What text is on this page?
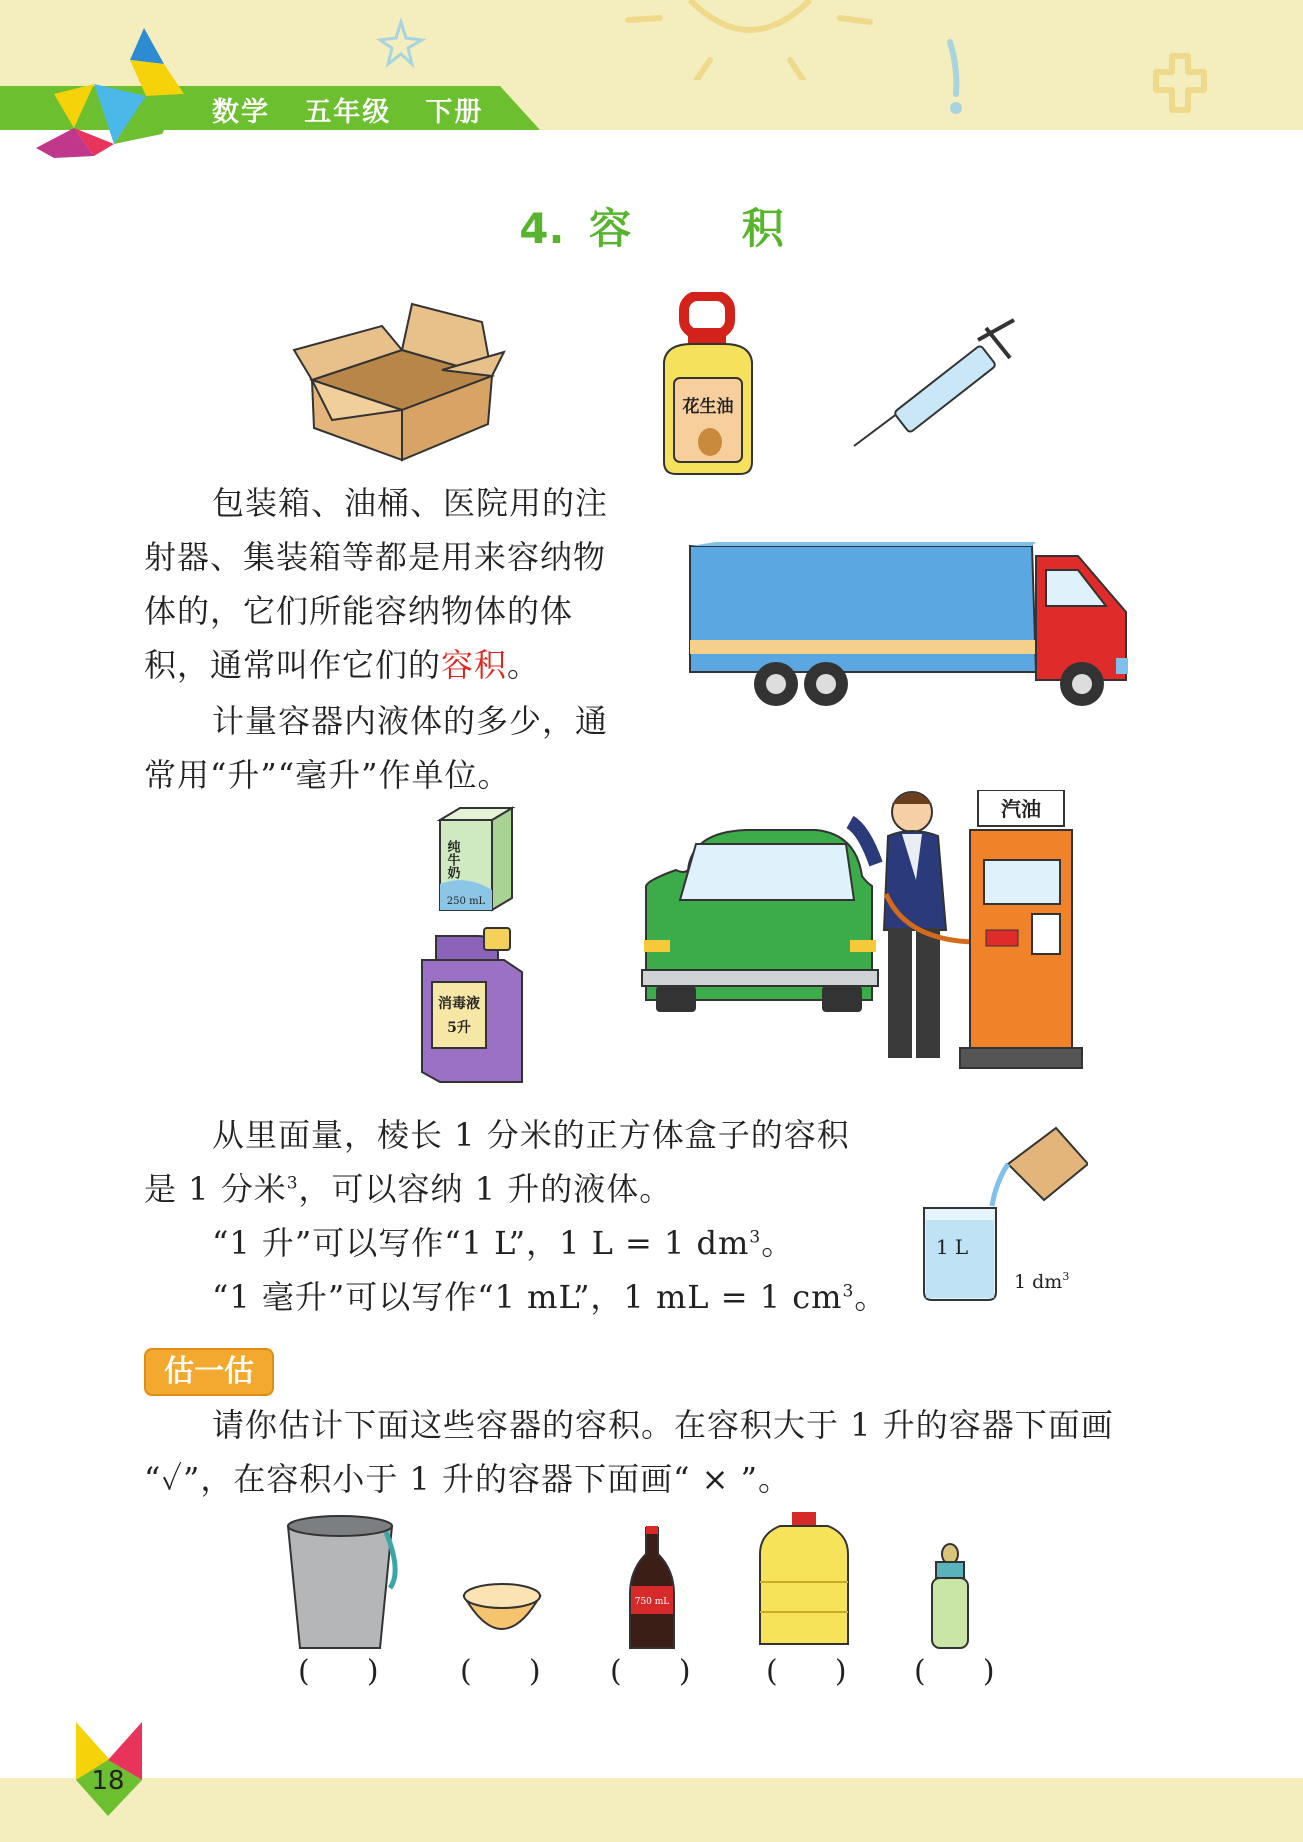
数学 五年级 下册
4. 容	积
花生油
纯牛奶
250 mL
消毒液
5升
汽油
1 L
1 $dm^3$
包装箱、油桶、医院用的注
射器、集装箱等都是用来容纳物
体的，它们所能容纳物体的体
积，通常叫作它们的容积。
计量容器内液体的多少，通
常用“升”“毫升”作单位。
从里面量，棱长 1 分米的正方体盒子的容积
是 1 分米$^3$，可以容纳 1 升的液体。
“1 升”可以写作“1 L”，1 L = 1 $dm^3$。
“1 毫升”可以写作“1 mL”，1 mL = 1 $cm^3$。
估一估
请你估计下面这些容器的容积。在容积大于 1 升的容器下面画
“✓”，在容积小于 1 升的容器下面画“ × ”。
750 mL
(      )	(      ) (      )	(      ) (      )
18
